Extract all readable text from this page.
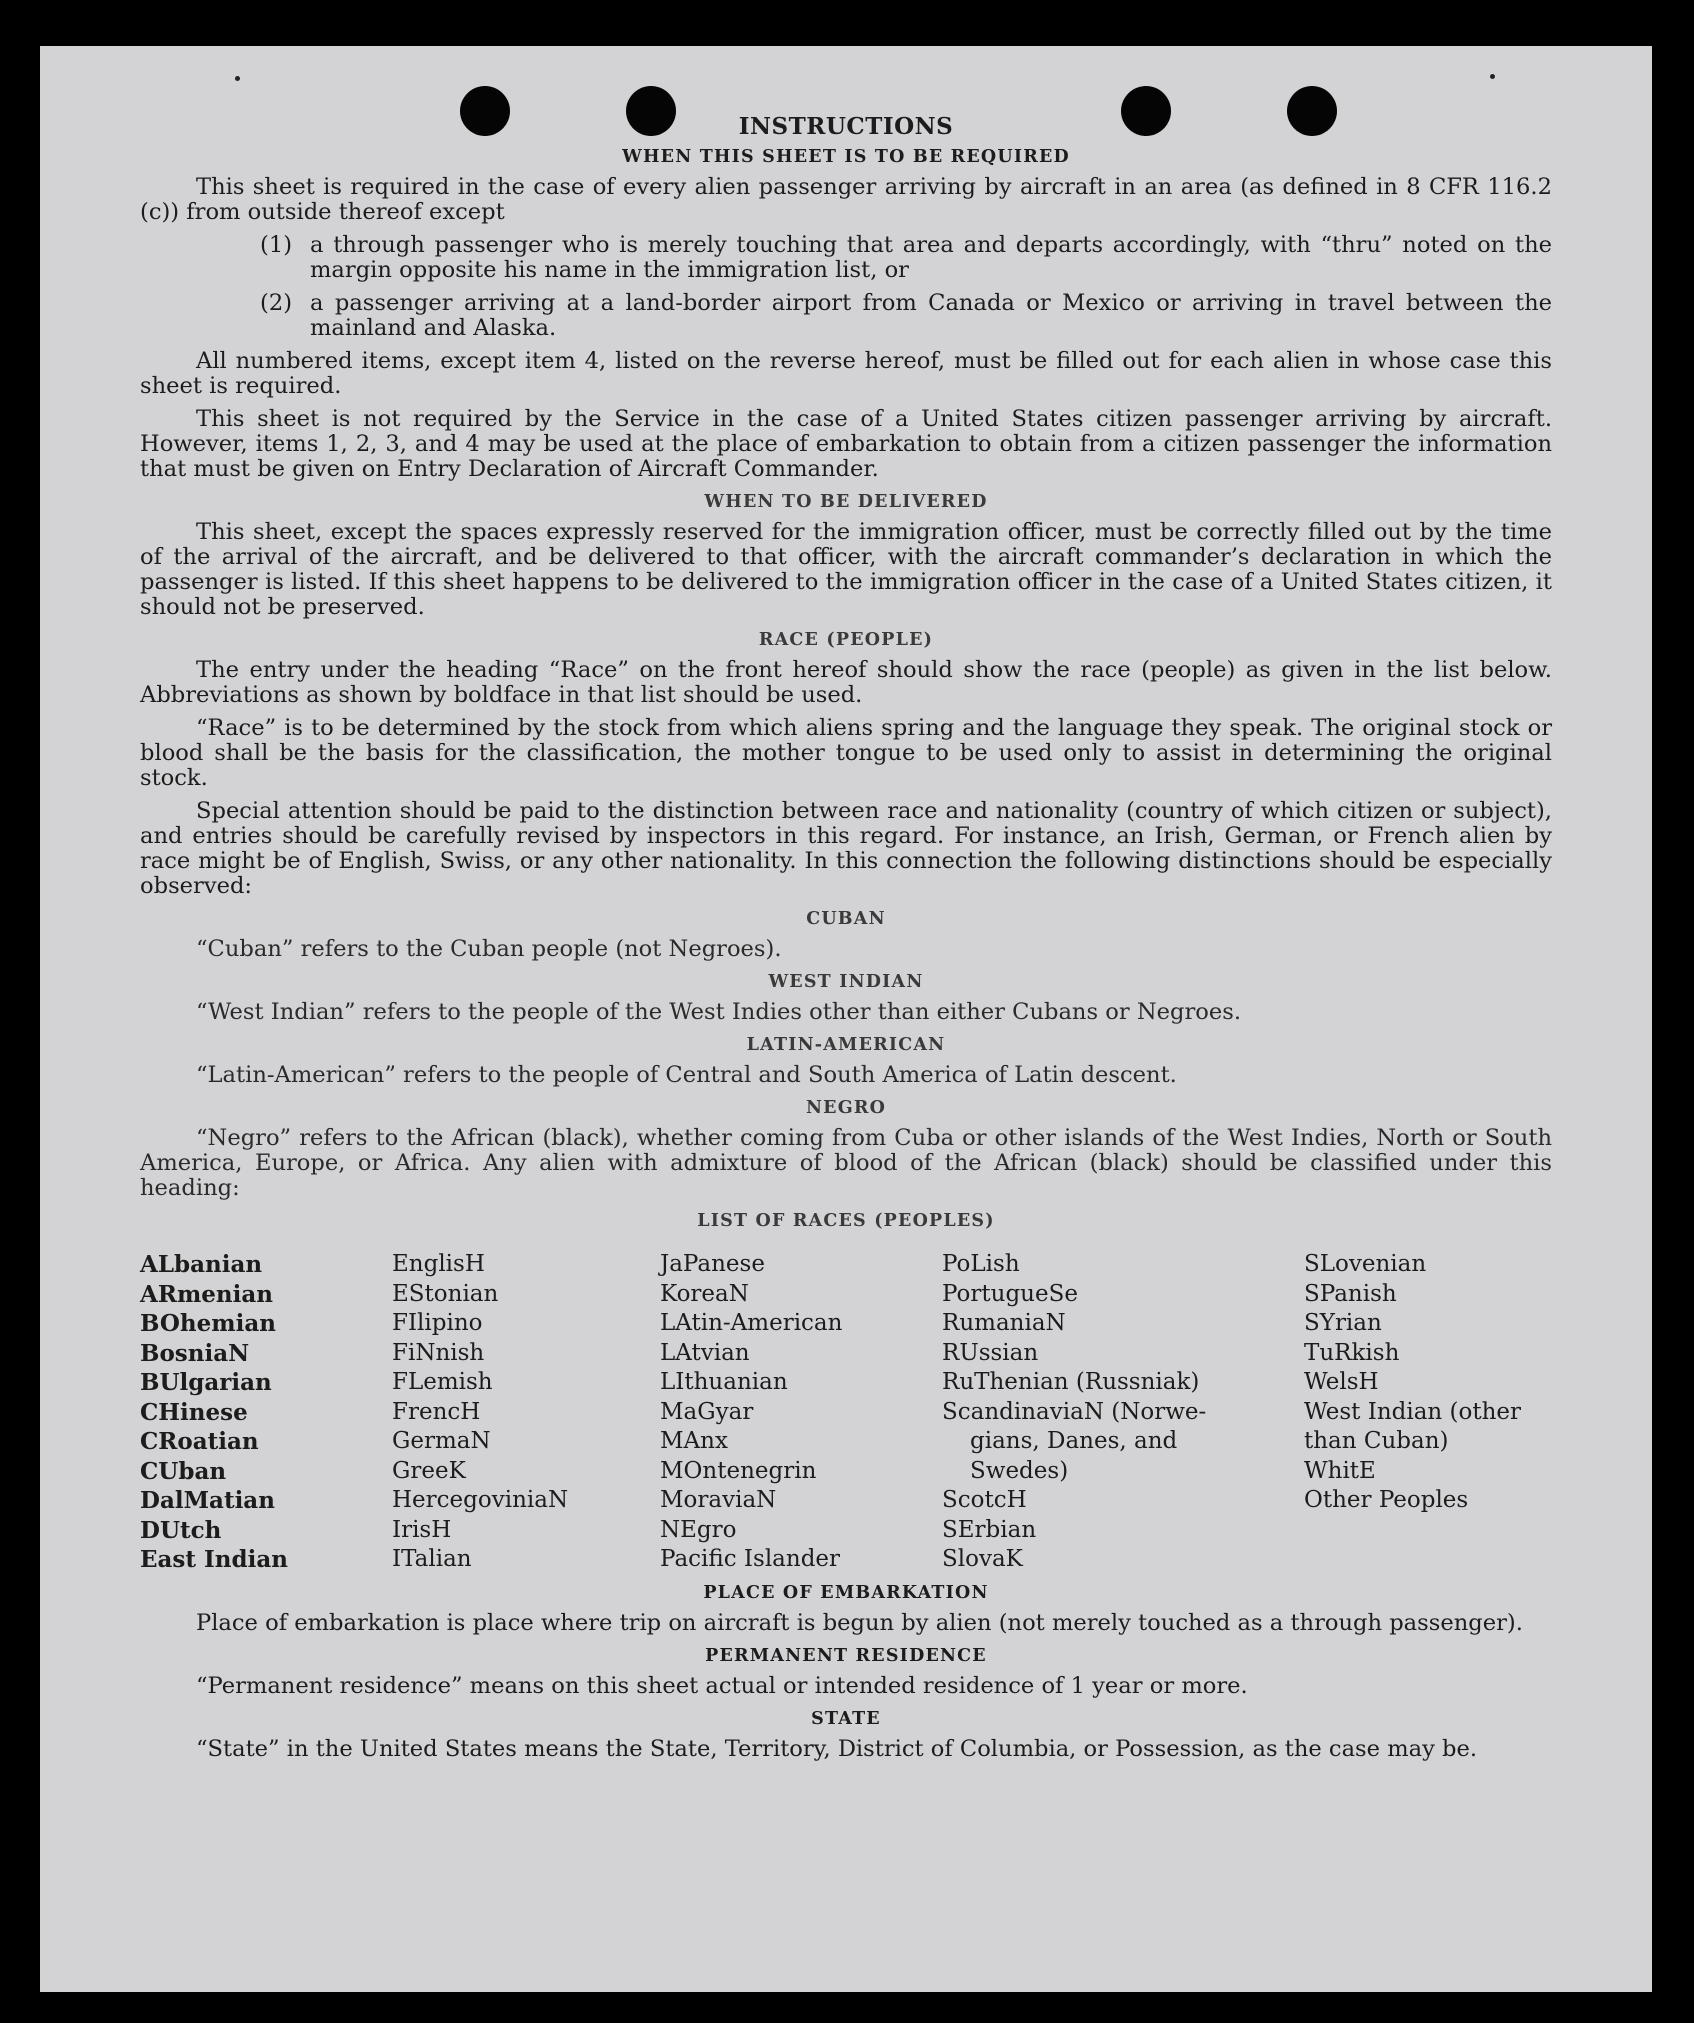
INSTRUCTIONS
WHEN THIS SHEET IS TO BE REQUIRED

This sheet is required in the case of every alien passenger arriving by aircraft in an area (as defined in 8 CFR 116.2 (c)) from outside thereof except

(1) a through passenger who is merely touching that area and departs accordingly, with “thru” noted on the margin opposite his name in the immigration list, or
(2) a passenger arriving at a land-border airport from Canada or Mexico or arriving in travel between the mainland and Alaska.

All numbered items, except item 4, listed on the reverse hereof, must be filled out for each alien in whose case this sheet is required.

This sheet is not required by the Service in the case of a United States citizen passenger arriving by aircraft. However, items 1, 2, 3, and 4 may be used at the place of embarkation to obtain from a citizen passenger the information that must be given on Entry Declaration of Aircraft Commander.

WHEN TO BE DELIVERED

This sheet, except the spaces expressly reserved for the immigration officer, must be correctly filled out by the time of the arrival of the aircraft, and be delivered to that officer, with the aircraft commander’s declaration in which the passenger is listed. If this sheet happens to be delivered to the immigration officer in the case of a United States citizen, it should not be preserved.

RACE (PEOPLE)

The entry under the heading “Race” on the front hereof should show the race (people) as given in the list below. Abbreviations as shown by boldface in that list should be used.

“Race” is to be determined by the stock from which aliens spring and the language they speak. The original stock or blood shall be the basis for the classification, the mother tongue to be used only to assist in determining the original stock.

Special attention should be paid to the distinction between race and nationality (country of which citizen or subject), and entries should be carefully revised by inspectors in this regard. For instance, an Irish, German, or French alien by race might be of English, Swiss, or any other nationality. In this connection the following distinctions should be especially observed:

CUBAN

“Cuban” refers to the Cuban people (not Negroes).

WEST INDIAN

“West Indian” refers to the people of the West Indies other than either Cubans or Negroes.

LATIN-AMERICAN

“Latin-American” refers to the people of Central and South America of Latin descent.

NEGRO

“Negro” refers to the African (black), whether coming from Cuba or other islands of the West Indies, North or South America, Europe, or Africa. Any alien with admixture of blood of the African (black) should be classified under this heading:

LIST OF RACES (PEOPLES)
ALbanian
ARmenian
BOhemian
BosniaN
BUlgarian
CHinese
CRoatian
CUban
DalMatian
DUtch
East Indian
EnglisH
EStonian
FIlipino
FiNnish
FLemish
FrencH
GermaN
GreeK
HercegoviniaN
IrisH
ITalian
JaPanese
KoreaN
LAtin-American
LAtvian
LIthuanian
MaGyar
MAnx
MOntenegrin
MoraviaN
NEgro
Pacific Islander
PoLish
PortugueSe
RumaniaN
RUssian
RuThenian (Russniak)
ScandinaviaN (Norwe-
gians, Danes, and
Swedes)
ScotcH
SErbian
SlovaK
SLovenian
SPanish
SYrian
TuRkish
WelsH
West Indian (other
than Cuban)
WhitE
Other Peoples
PLACE OF EMBARKATION

Place of embarkation is place where trip on aircraft is begun by alien (not merely touched as a through passenger).

PERMANENT RESIDENCE

“Permanent residence” means on this sheet actual or intended residence of 1 year or more.

STATE

“State” in the United States means the State, Territory, District of Columbia, or Possession, as the case may be.
